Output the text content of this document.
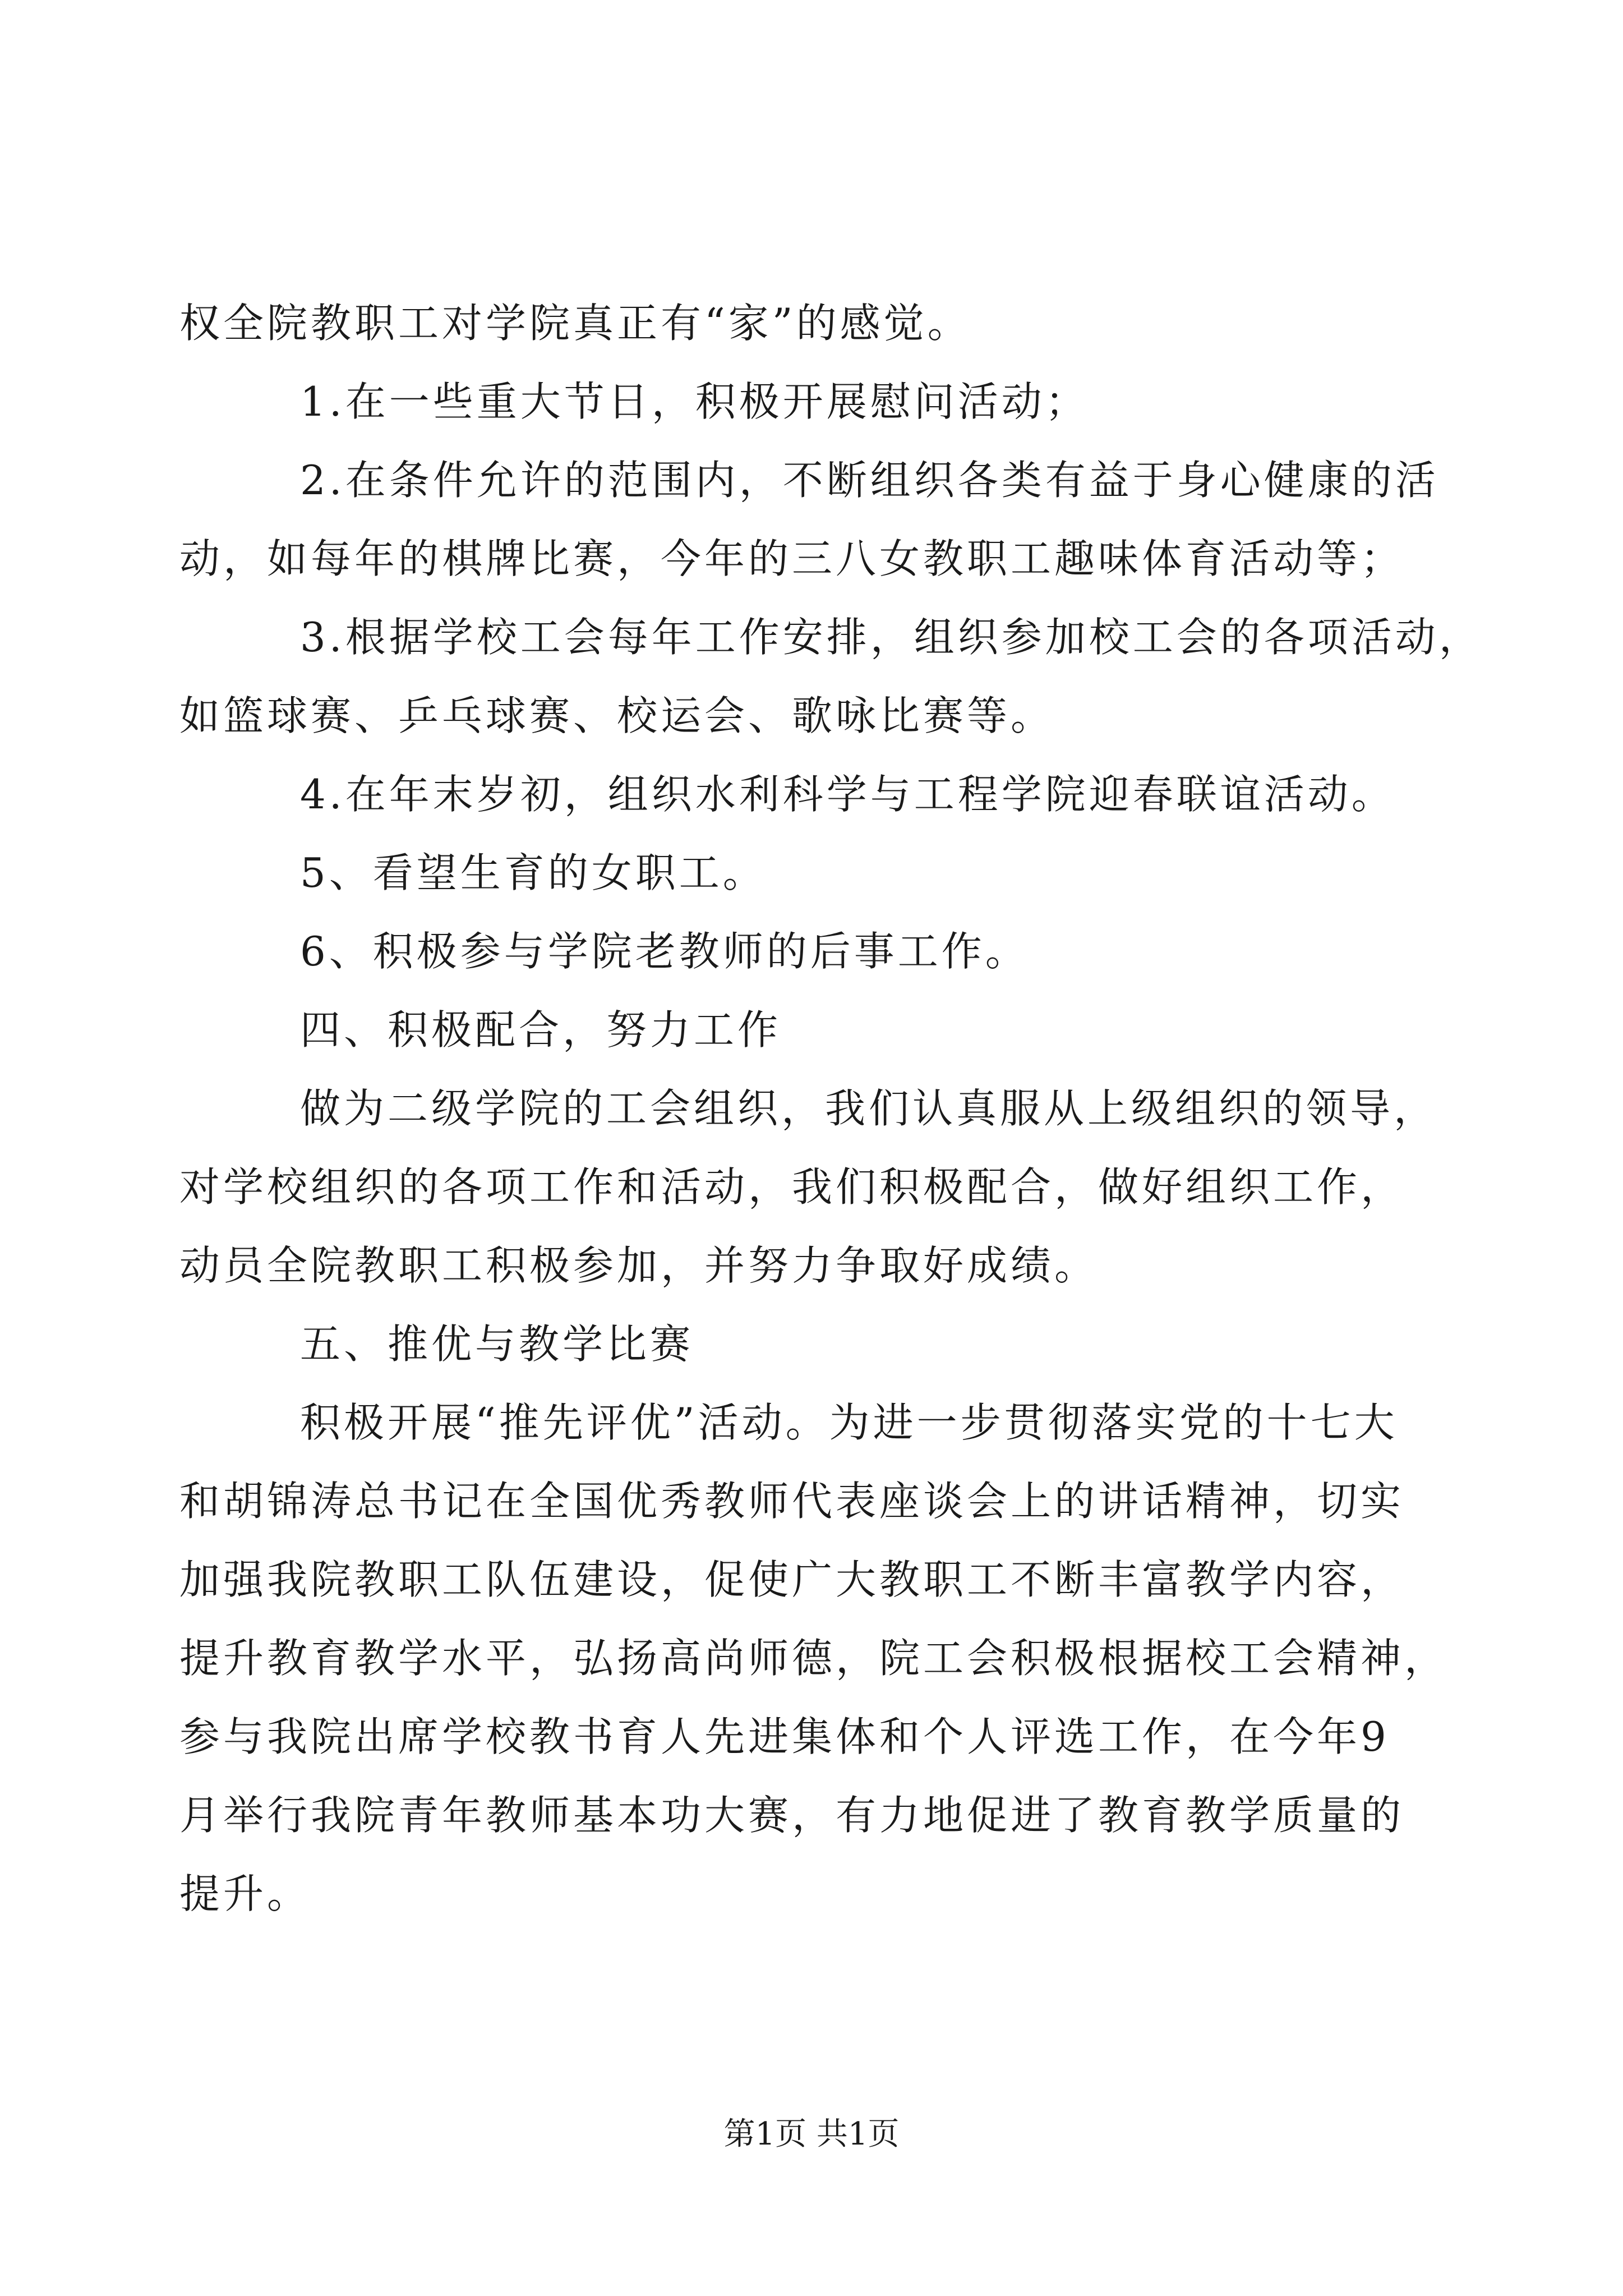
权全院教职工对学院真正有“家”的感觉。
1.在一些重大节日，积极开展慰问活动；
2.在条件允许的范围内，不断组织各类有益于身心健康的活
动，如每年的棋牌比赛，今年的三八女教职工趣味体育活动等；
3.根据学校工会每年工作安排，组织参加校工会的各项活动，
如篮球赛、乒乓球赛、校运会、歌咏比赛等。
4.在年末岁初，组织水利科学与工程学院迎春联谊活动。
5、看望生育的女职工。
6、积极参与学院老教师的后事工作。
四、积极配合，努力工作
做为二级学院的工会组织，我们认真服从上级组织的领导，
对学校组织的各项工作和活动，我们积极配合，做好组织工作，
动员全院教职工积极参加，并努力争取好成绩。
五、推优与教学比赛
积极开展“推先评优”活动。为进一步贯彻落实党的十七大
和胡锦涛总书记在全国优秀教师代表座谈会上的讲话精神，切实
加强我院教职工队伍建设，促使广大教职工不断丰富教学内容，
提升教育教学水平，弘扬高尚师德，院工会积极根据校工会精神，
参与我院出席学校教书育人先进集体和个人评选工作，在今年9
月举行我院青年教师基本功大赛，有力地促进了教育教学质量的
提升。
第1页 共1页
